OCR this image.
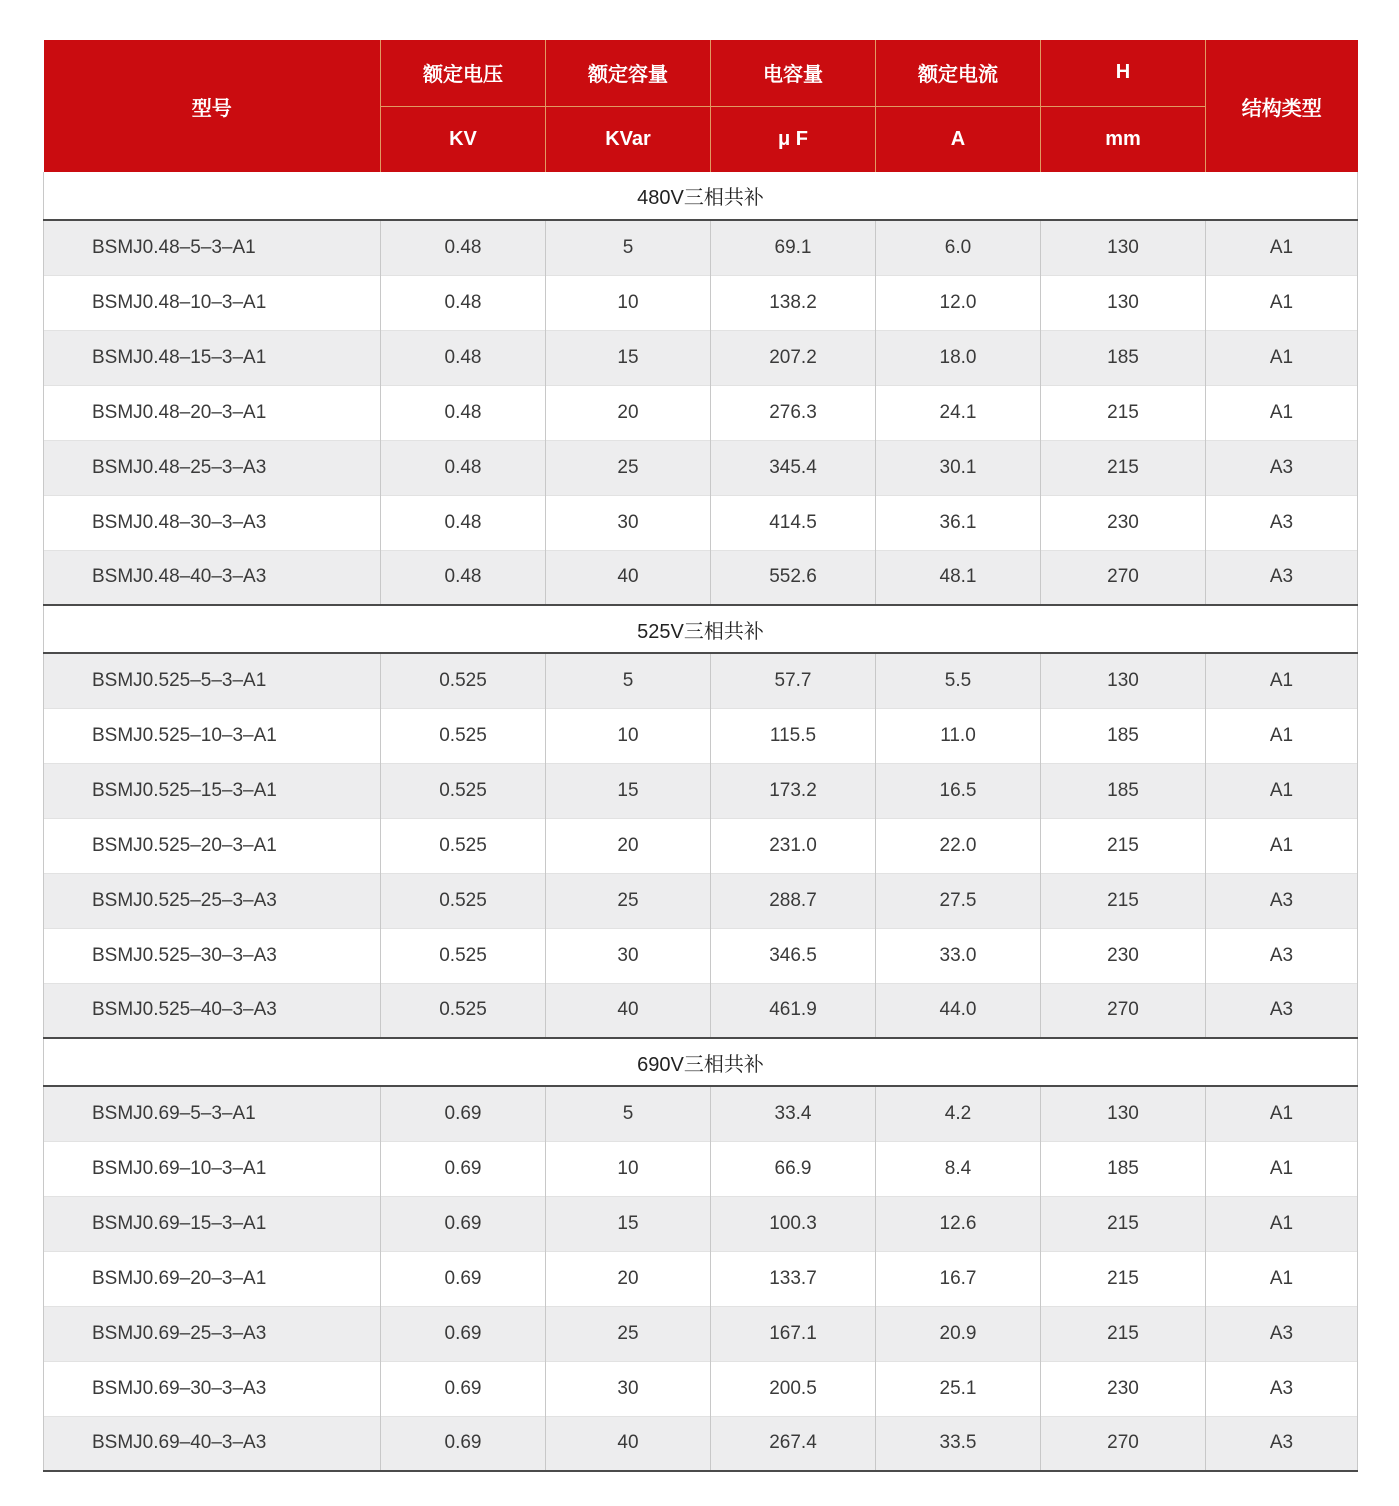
型号	额定电压	额定容量	电容量	额定电流	H	结构类型
	KV	KVar	μ F	A	mm	
480V三相共补						
BSMJ0.48–5–3–A1	0.48	5	69.1	6.0	130	A1
BSMJ0.48–10–3–A1	0.48	10	138.2	12.0	130	A1
BSMJ0.48–15–3–A1	0.48	15	207.2	18.0	185	A1
BSMJ0.48–20–3–A1	0.48	20	276.3	24.1	215	A1
BSMJ0.48–25–3–A3	0.48	25	345.4	30.1	215	A3
BSMJ0.48–30–3–A3	0.48	30	414.5	36.1	230	A3
BSMJ0.48–40–3–A3	0.48	40	552.6	48.1	270	A3
525V三相共补						
BSMJ0.525–5–3–A1	0.525	5	57.7	5.5	130	A1
BSMJ0.525–10–3–A1	0.525	10	115.5	11.0	185	A1
BSMJ0.525–15–3–A1	0.525	15	173.2	16.5	185	A1
BSMJ0.525–20–3–A1	0.525	20	231.0	22.0	215	A1
BSMJ0.525–25–3–A3	0.525	25	288.7	27.5	215	A3
BSMJ0.525–30–3–A3	0.525	30	346.5	33.0	230	A3
BSMJ0.525–40–3–A3	0.525	40	461.9	44.0	270	A3
690V三相共补						
BSMJ0.69–5–3–A1	0.69	5	33.4	4.2	130	A1
BSMJ0.69–10–3–A1	0.69	10	66.9	8.4	185	A1
BSMJ0.69–15–3–A1	0.69	15	100.3	12.6	215	A1
BSMJ0.69–20–3–A1	0.69	20	133.7	16.7	215	A1
BSMJ0.69–25–3–A3	0.69	25	167.1	20.9	215	A3
BSMJ0.69–30–3–A3	0.69	30	200.5	25.1	230	A3
BSMJ0.69–40–3–A3	0.69	40	267.4	33.5	270	A3
